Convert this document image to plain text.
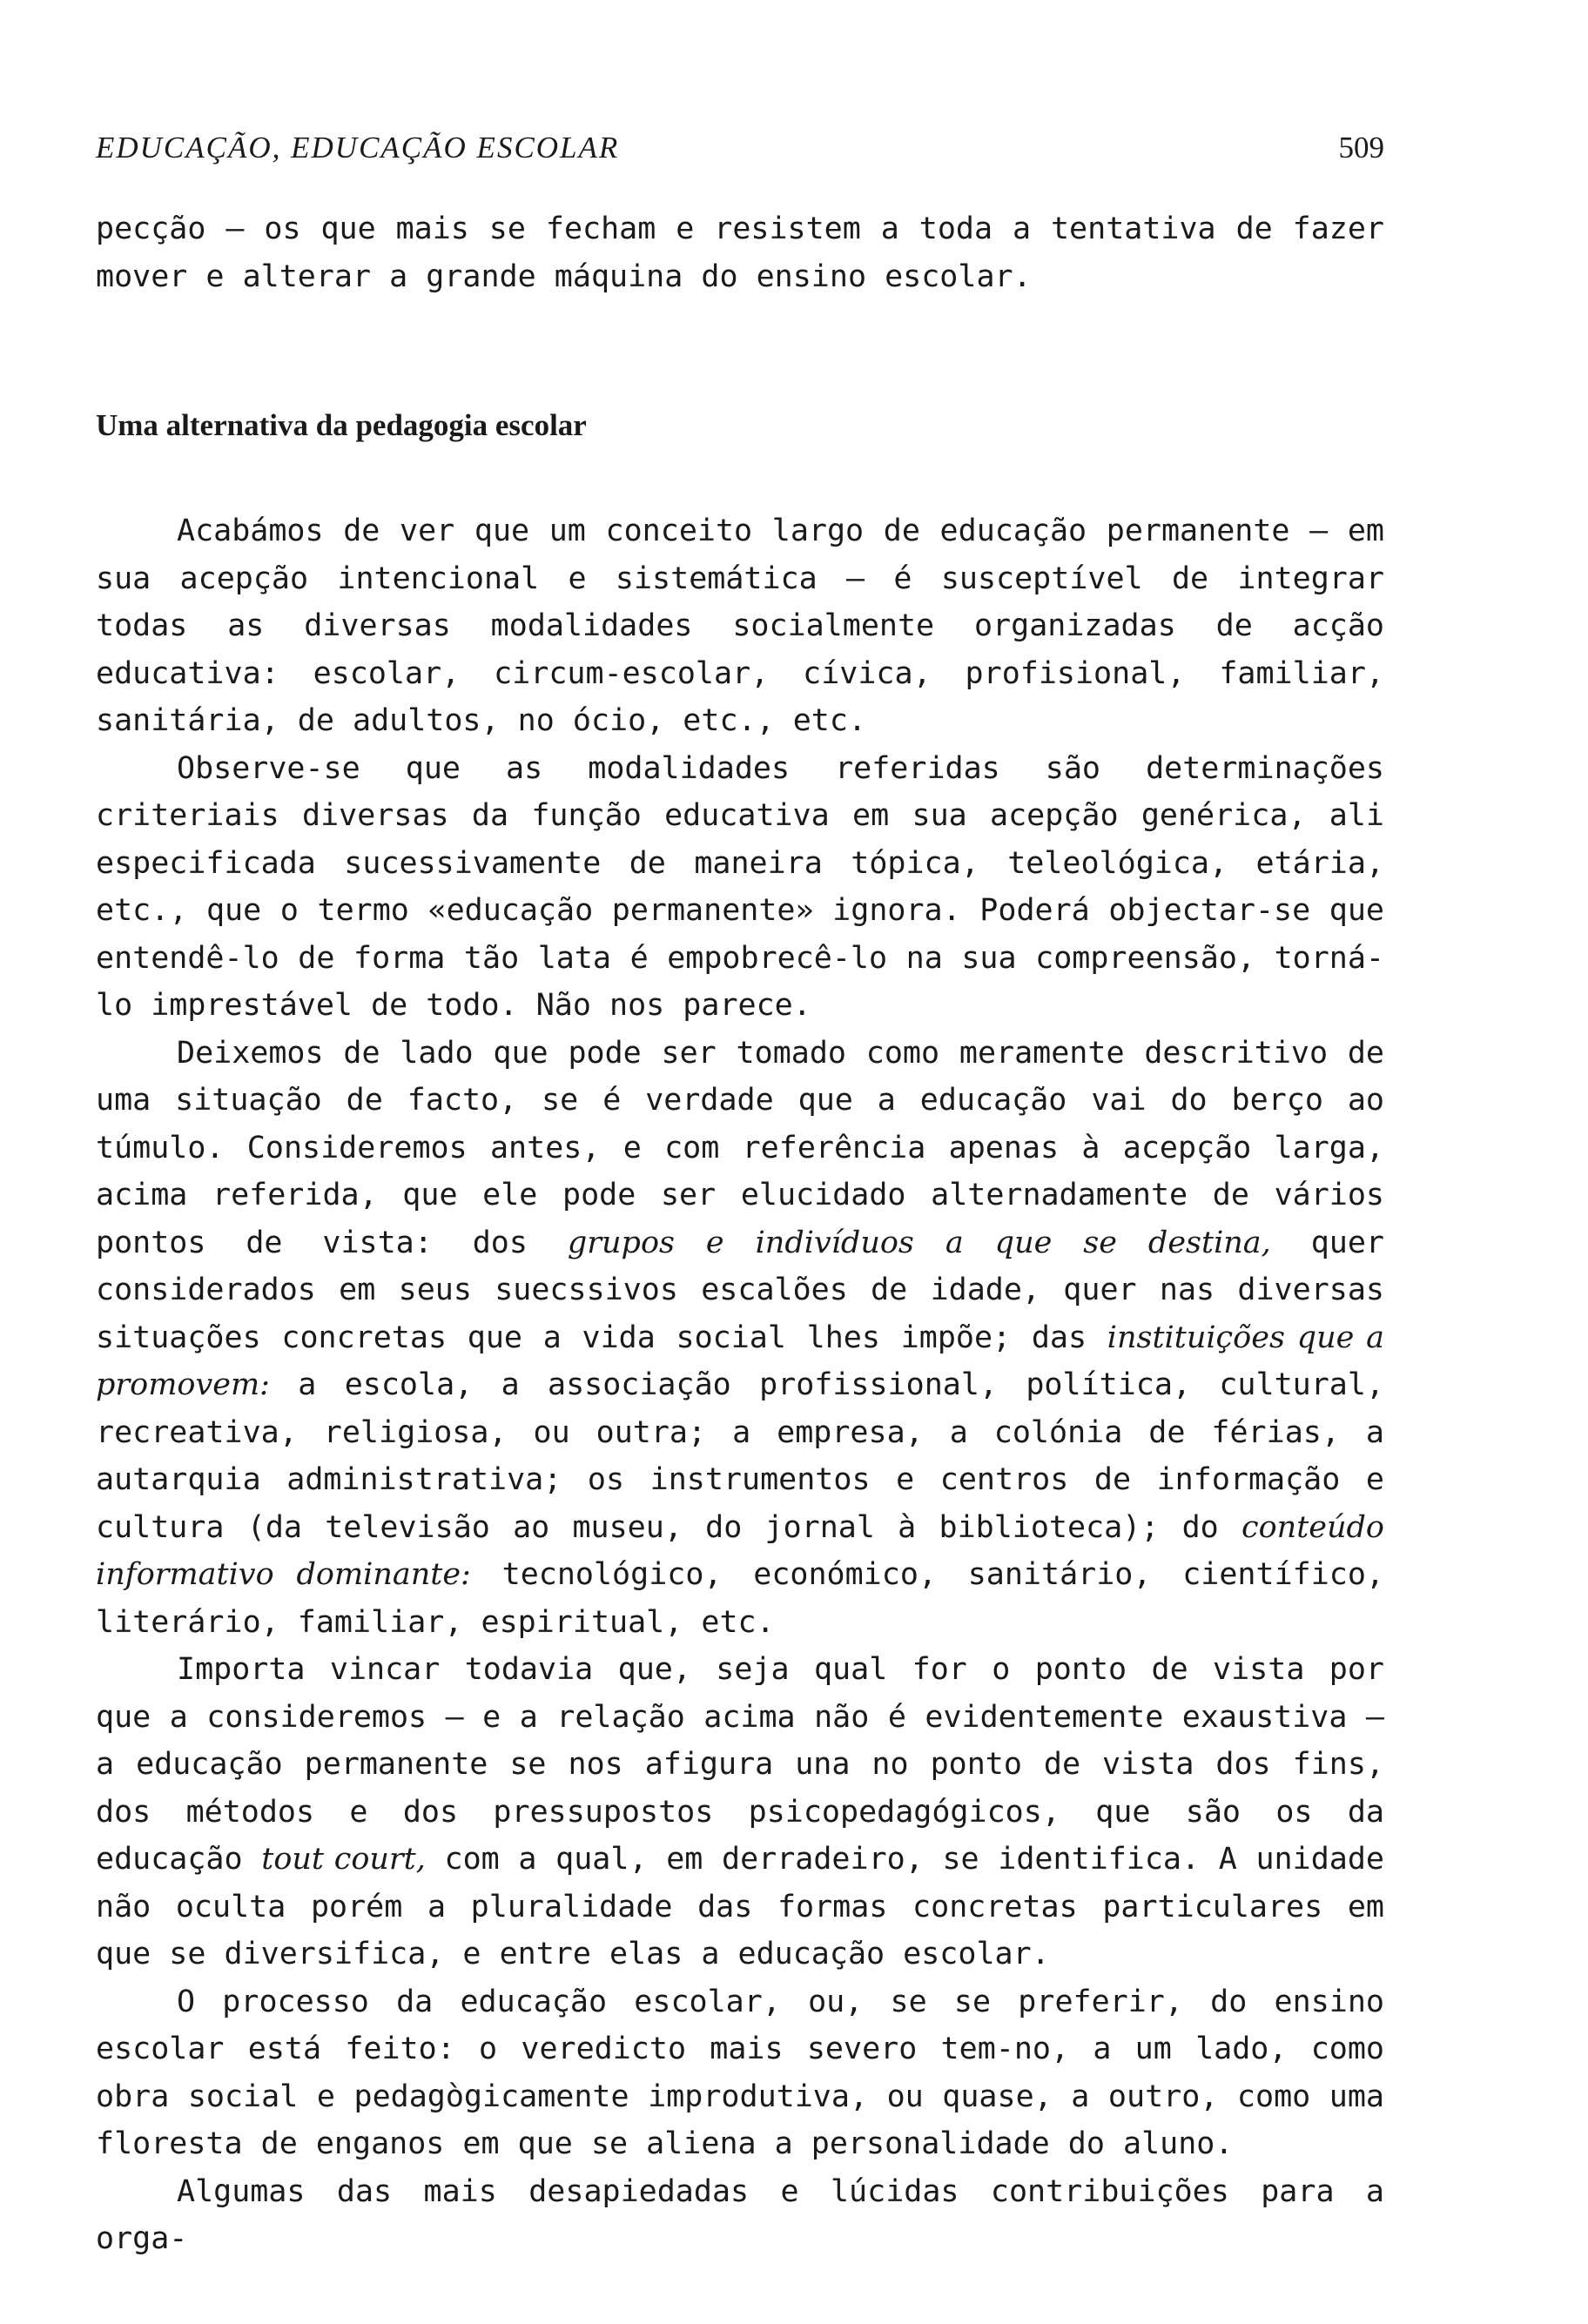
EDUCAÇÃO, EDUCAÇÃO ESCOLAR	509

pecção — os que mais se fecham e resistem a toda a tentativa de fazer mover e alterar a grande máquina do ensino escolar.

Uma alternativa da pedagogia escolar

Acabámos de ver que um conceito largo de educação permanente — em sua acepção intencional e sistemática — é susceptível de integrar todas as diversas modalidades socialmente organizadas de acção educativa: escolar, circum-escolar, cívica, profisional, familiar, sanitária, de adultos, no ócio, etc., etc.

Observe-se que as modalidades referidas são determinações criteriais diversas da função educativa em sua acepção genérica, ali especificada sucessivamente de maneira tópica, teleológica, etária, etc., que o termo «educação permanente» ignora. Poderá objectar-se que entendê-lo de forma tão lata é empobrecê-lo na sua compreensão, torná-lo imprestável de todo. Não nos parece.

Deixemos de lado que pode ser tomado como meramente descritivo de uma situação de facto, se é verdade que a educação vai do berço ao túmulo. Consideremos antes, e com referência apenas à acepção larga, acima referida, que ele pode ser elucidado alternadamente de vários pontos de vista: dos grupos e indivíduos a que se destina, quer considerados em seus suecssivos escalões de idade, quer nas diversas situações concretas que a vida social lhes impõe; das instituições que a promovem: a escola, a associação profissional, política, cultural, recreativa, religiosa, ou outra; a empresa, a colónia de férias, a autarquia administrativa; os instrumentos e centros de informação e cultura (da televisão ao museu, do jornal à biblioteca); do conteúdo informativo dominante: tecnológico, económico, sanitário, científico, literário, familiar, espiritual, etc.

Importa vincar todavia que, seja qual for o ponto de vista por que a consideremos — e a relação acima não é evidentemente exaustiva — a educação permanente se nos afigura una no ponto de vista dos fins, dos métodos e dos pressupostos psicopedagógicos, que são os da educação tout court, com a qual, em derradeiro, se identifica. A unidade não oculta porém a pluralidade das formas concretas particulares em que se diversifica, e entre elas a educação escolar.

O processo da educação escolar, ou, se se preferir, do ensino escolar está feito: o veredicto mais severo tem-no, a um lado, como obra social e pedagògicamente improdutiva, ou quase, a outro, como uma floresta de enganos em que se aliena a personalidade do aluno.

Algumas das mais desapiedadas e lúcidas contribuições para a orga-
